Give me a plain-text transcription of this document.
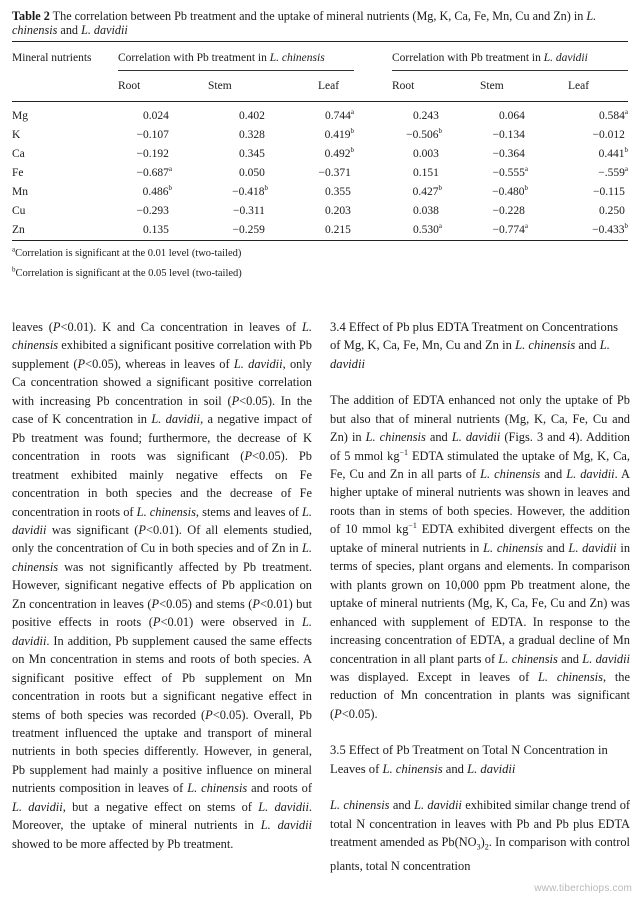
Table 2 The correlation between Pb treatment and the uptake of mineral nutrients (Mg, K, Ca, Fe, Mn, Cu and Zn) in L. chinensis and L. davidii
Mineral nutrients Correlation with Pb treatment in L. chinensis	Correlation with Pb treatment in L. davidii
Root	Stem	Leaf	Root	Stem	Leaf
Mg	0.024	0.402	0.744$^a$	0.243	0.064	0.584$^a$
K	−0.107	0.328	0.419$^b$	−0.506$^b$	−0.134	−0.012
Ca	−0.192	0.345	0.492$^b$	0.003	−0.364	0.441$^b$
Fe	−0.687$^a$	0.050	−0.371	0.151	−0.555$^a$	−.559$^a$
Mn	0.486$^b$	−0.418$^b$	0.355	0.427$^b$	−0.480$^b$	−0.115
Cu	−0.293	−0.311	0.203	0.038	−0.228	0.250
Zn	0.135	−0.259	0.215	0.530$^a$	−0.774$^a$	−0.433$^b$
$^a$Correlation is significant at the 0.01 level (two-tailed)
$^b$Correlation is significant at the 0.05 level (two-tailed)

leaves (P<0.01). K and Ca concentration in leaves of L. chinensis exhibited a significant positive correlation with Pb supplement (P<0.05), whereas in leaves of L. davidii, only Ca concentration showed a significant positive correlation with increasing Pb concentration in soil (P<0.05). In the case of K concentration in L. davidii, a negative impact of Pb treatment was found; furthermore, the decrease of K concentration in roots was significant (P<0.05). Pb treatment exhibited mainly negative effects on Fe concentration in both species and the decrease of Fe concentration in roots of L. chinensis, stems and leaves of L. davidii was significant (P<0.01). Of all elements studied, only the concentration of Cu in both species and of Zn in L. chinensis was not significantly affected by Pb treatment. However, significant negative effects of Pb application on Zn concentration in leaves (P<0.05) and stems (P<0.01) but positive effects in roots (P<0.01) were observed in L. davidii. In addition, Pb supplement caused the same effects on Mn concentration in stems and roots of both species. A significant positive effect of Pb supplement on Mn concentration in roots but a significant negative effect in stems of both species was recorded (P<0.05). Overall, Pb treatment influenced the uptake and transport of mineral nutrients in both species differently. However, in general, Pb supplement had mainly a positive influence on mineral nutrients composition in leaves of L. chinensis and roots of L. davidii, but a negative effect on stems of L. davidii. Moreover, the uptake of mineral nutrients in L. davidii showed to be more affected by Pb treatment.

3.4 Effect of Pb plus EDTA Treatment on Concentrations of Mg, K, Ca, Fe, Mn, Cu and Zn in L. chinensis and L. davidii

The addition of EDTA enhanced not only the uptake of Pb but also that of mineral nutrients (Mg, K, Ca, Fe, Cu and Zn) in L. chinensis and L. davidii (Figs. 3 and 4). Addition of 5 mmol $kg^{-1}$ EDTA stimulated the uptake of Mg, K, Ca, Fe, Cu and Zn in all parts of L. chinensis and L. davidii. A higher uptake of mineral nutrients was shown in leaves and roots than in stems of both species. However, the addition of 10 mmol $kg^{-1}$ EDTA exhibited divergent effects on the uptake of mineral nutrients in L. chinensis and L. davidii in terms of species, plant organs and elements. In comparison with plants grown on 10,000 ppm Pb treatment alone, the uptake of mineral nutrients (Mg, K, Ca, Fe, Cu and Zn) was enhanced with supplement of EDTA. In response to the increasing concentration of EDTA, a gradual decline of Mn concentration in all plant parts of L. chinensis and L. davidii was displayed. Except in leaves of L. chinensis, the reduction of Mn concentration in plants was significant (P<0.05).

3.5 Effect of Pb Treatment on Total N Concentration in Leaves of L. chinensis and L. davidii

L. chinensis and L. davidii exhibited similar change trend of total N concentration in leaves with Pb and Pb plus EDTA treatment amended as $Pb(NO_3)_2$. In comparison with control plants, total N concentration

www.tiberchiops.com
